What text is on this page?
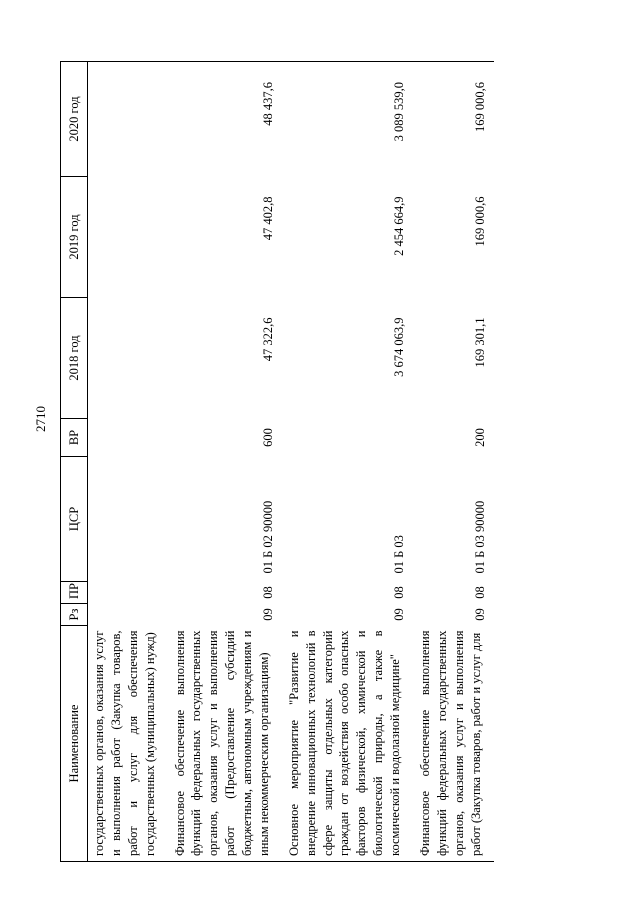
2710
Наименование	Рз	ПР	ЦСР	ВР	2018 год	2019 год	2020 год
государственных органов, оказания услуг и выполнения работ (Закупка товаров, работ и услуг для обеспечения государственных (муниципальных) нужд)							
Финансовое обеспечение выполнения функций федеральных государственных органов, оказания услуг и выполнения работ (Предоставление субсидий бюджетным, автономным учреждениям и иным некоммерческим организациям)	09	08	01 Б 02 90000	600	47 322,6	47 402,8	48 437,6
Основное мероприятие "Развитие и внедрение инновационных технологий в сфере защиты отдельных категорий граждан от воздействия особо опасных факторов физической, химической и биологической природы, а также в космической и водолазной медицине"	09	08	01 Б 03		3 674 063,9	2 454 664,9	3 089 539,0
Финансовое обеспечение выполнения функций федеральных государственных органов, оказания услуг и выполнения работ (Закупка товаров, работ и услуг для	09	08	01 Б 03 90000	200	169 301,1	169 000,6	169 000,6
